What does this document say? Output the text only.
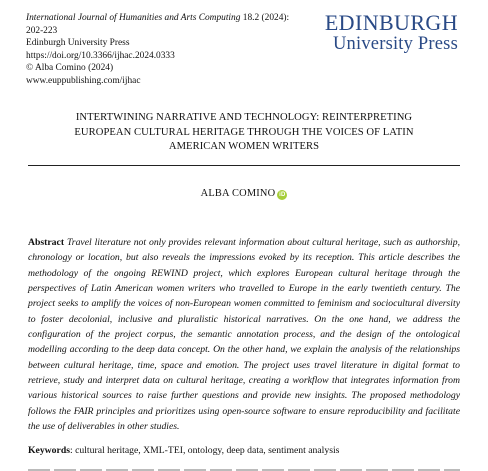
International Journal of Humanities and Arts Computing 18.2 (2024):
202-223
Edinburgh University Press
https://doi.org/10.3366/ijhac.2024.0333
© Alba Comino (2024)
www.euppublishing.com/ijhac
EDINBURGH
University Press
INTERTWINING NARRATIVE AND TECHNOLOGY: REINTERPRETING
EUROPEAN CULTURAL HERITAGE THROUGH THE VOICES OF LATIN
AMERICAN WOMEN WRITERS
ALBA COMINO iD
Abstract Travel literature not only provides relevant information about cultural heritage, such as authorship, chronology or location, but also reveals the impressions evoked by its reception. This article describes the methodology of the ongoing REWIND project, which explores European cultural heritage through the perspectives of Latin American women writers who travelled to Europe in the early twentieth century. The project seeks to amplify the voices of non-European women committed to feminism and sociocultural diversity to foster decolonial, inclusive and pluralistic historical narratives. On the one hand, we address the configuration of the project corpus, the semantic annotation process, and the design of the ontological modelling according to the deep data concept. On the other hand, we explain the analysis of the relationships between cultural heritage, time, space and emotion. The project uses travel literature in digital format to retrieve, study and interpret data on cultural heritage, creating a workflow that integrates information from various historical sources to raise further questions and provide new insights. The proposed methodology follows the FAIR principles and prioritizes using open-source software to ensure reproducibility and facilitate the use of deliverables in other studies.
Keywords: cultural heritage, XML-TEI, ontology, deep data, sentiment analysis
